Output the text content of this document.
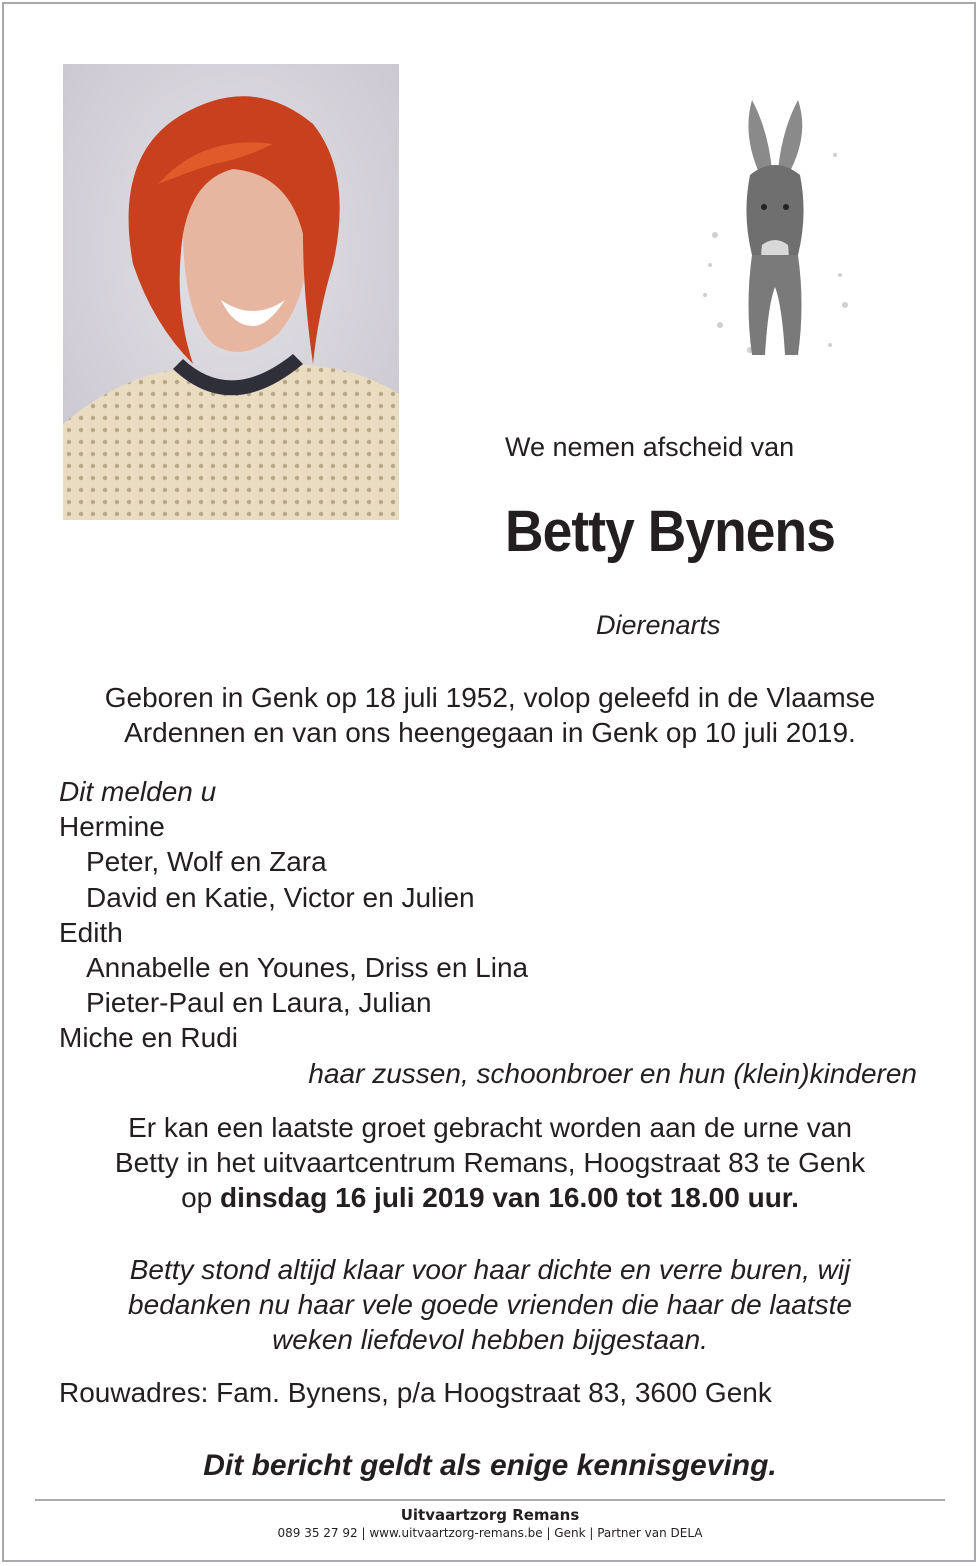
We nemen afscheid van
Betty Bynens
Dierenarts
Geboren in Genk op 18 juli 1952, volop geleefd in de Vlaamse
Ardennen en van ons heengegaan in Genk op 10 juli 2019.
Dit melden u
Hermine
Peter, Wolf en Zara
David en Katie, Victor en Julien
Edith
Annabelle en Younes, Driss en Lina
Pieter-Paul en Laura, Julian
Miche en Rudi
haar zussen, schoonbroer en hun (klein)kinderen
Er kan een laatste groet gebracht worden aan de urne van
Betty in het uitvaartcentrum Remans, Hoogstraat 83 te Genk
op dinsdag 16 juli 2019 van 16.00 tot 18.00 uur.
Betty stond altijd klaar voor haar dichte en verre buren, wij
bedanken nu haar vele goede vrienden die haar de laatste
weken liefdevol hebben bijgestaan.
Rouwadres: Fam. Bynens, p/a Hoogstraat 83, 3600 Genk
Dit bericht geldt als enige kennisgeving.
Uitvaartzorg Remans
089 35 27 92 | www.uitvaartzorg-remans.be | Genk | Partner van DELA
